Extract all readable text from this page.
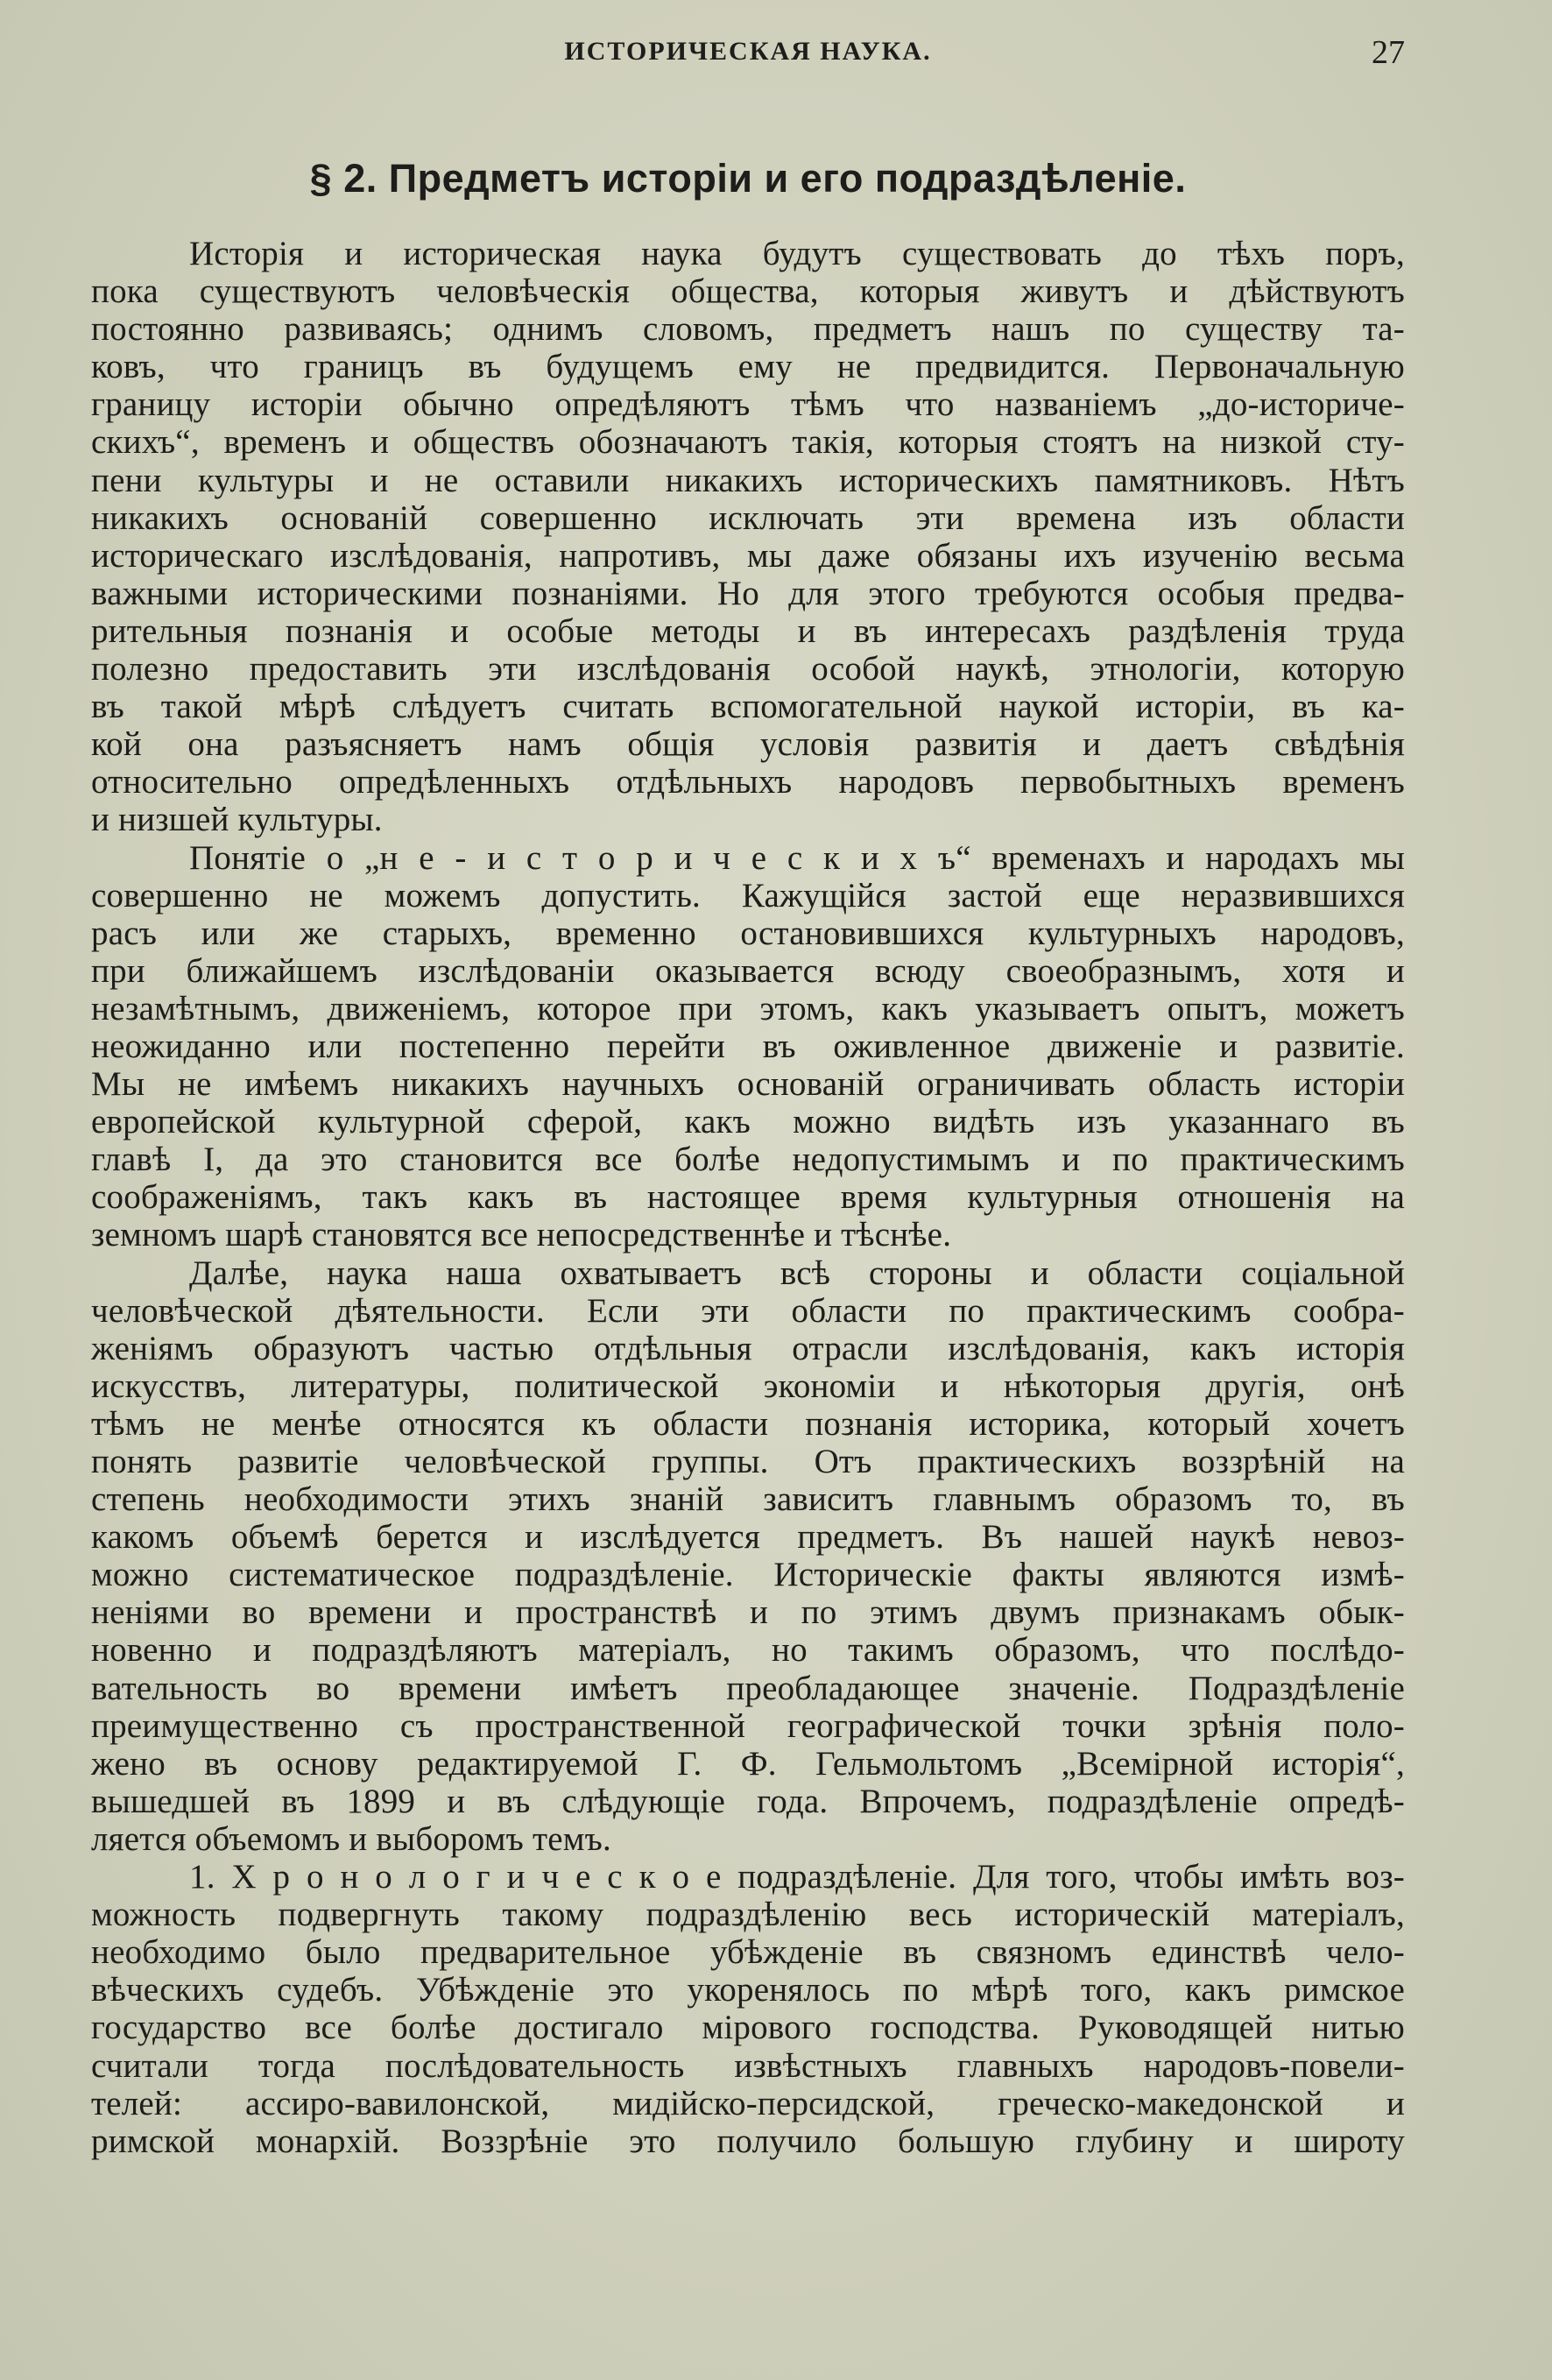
ИСТОРИЧЕСКАЯ НАУКА.	27
§ 2. Предметъ исторіи и его подраздѣленіе.
Исторія и историческая наука будутъ существовать до тѣхъ поръ,
пока существуютъ человѣческія общества, которыя живутъ и дѣйствуютъ
постоянно развиваясь; однимъ словомъ, предметъ нашъ по существу та-
ковъ, что границъ въ будущемъ ему не предвидится. Первоначальную
границу исторіи обычно опредѣляютъ тѣмъ что названіемъ „до-историче-
скихъ“, временъ и обществъ обозначаютъ такія, которыя стоятъ на низкой сту-
пени культуры и не оставили никакихъ историческихъ памятниковъ. Нѣтъ
никакихъ основаній совершенно исключать эти времена изъ области
историческаго изслѣдованія, напротивъ, мы даже обязаны ихъ изученію весьма
важными историческими познаніями. Но для этого требуются особыя предва-
рительныя познанія и особые методы и въ интересахъ раздѣленія труда
полезно предоставить эти изслѣдованія особой наукѣ, этнологіи, которую
въ такой мѣрѣ слѣдуетъ считать вспомогательной наукой исторіи, въ ка-
кой она разъясняетъ намъ общія условія развитія и даетъ свѣдѣнія
относительно опредѣленныхъ отдѣльныхъ народовъ первобытныхъ временъ
и низшей культуры.
Понятіе о „н е - и с т о р и ч е с к и х ъ“ временахъ и народахъ мы
совершенно не можемъ допустить. Кажущійся застой еще неразвившихся
расъ или же старыхъ, временно остановившихся культурныхъ народовъ,
при ближайшемъ изслѣдованіи оказывается всюду своеобразнымъ, хотя и
незамѣтнымъ, движеніемъ, которое при этомъ, какъ указываетъ опытъ, можетъ
неожиданно или постепенно перейти въ оживленное движеніе и развитіе.
Мы не имѣемъ никакихъ научныхъ основаній ограничивать область исторіи
европейской культурной сферой, какъ можно видѣть изъ указаннаго въ
главѣ I, да это становится все болѣе недопустимымъ и по практическимъ
соображеніямъ, такъ какъ въ настоящее время культурныя отношенія на
земномъ шарѣ становятся все непосредственнѣе и тѣснѣе.
Далѣе, наука наша охватываетъ всѣ стороны и области соціальной
человѣческой дѣятельности. Если эти области по практическимъ сообра-
женіямъ образуютъ частью отдѣльныя отрасли изслѣдованія, какъ исторія
искусствъ, литературы, политической экономіи и нѣкоторыя другія, онѣ
тѣмъ не менѣе относятся къ области познанія историка, который хочетъ
понять развитіе человѣческой группы. Отъ практическихъ воззрѣній на
степень необходимости этихъ знаній зависитъ главнымъ образомъ то, въ
какомъ объемѣ берется и изслѣдуется предметъ. Въ нашей наукѣ невоз-
можно систематическое подраздѣленіе. Историческіе факты являются измѣ-
неніями во времени и пространствѣ и по этимъ двумъ признакамъ обык-
новенно и подраздѣляютъ матеріалъ, но такимъ образомъ, что послѣдо-
вательность во времени имѣетъ преобладающее значеніе. Подраздѣленіе
преимущественно съ пространственной географической точки зрѣнія поло-
жено въ основу редактируемой Г. Ф. Гельмольтомъ „Всемірной исторія“,
вышедшей въ 1899 и въ слѣдующіе года. Впрочемъ, подраздѣленіе опредѣ-
ляется объемомъ и выборомъ темъ.
1. Х р о н о л о г и ч е с к о е подраздѣленіе. Для того, чтобы имѣть воз-
можность подвергнуть такому подраздѣленію весь историческій матеріалъ,
необходимо было предварительное убѣжденіе въ связномъ единствѣ чело-
вѣческихъ судебъ. Убѣжденіе это укоренялось по мѣрѣ того, какъ римское
государство все болѣе достигало мірового господства. Руководящей нитью
считали тогда послѣдовательность извѣстныхъ главныхъ народовъ-повели-
телей: ассиро-вавилонской, мидійско-персидской, греческо-македонской и
римской монархій. Воззрѣніе это получило большую глубину и широту
